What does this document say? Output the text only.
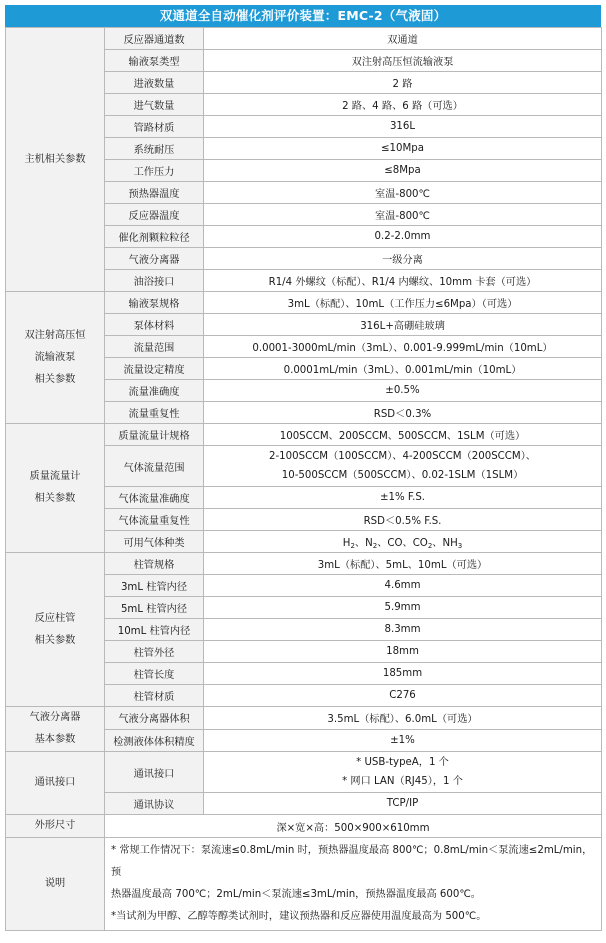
双通道全自动催化剂评价装置：EMC-2（气液固）
主机相关参数	反应器通道数	双通道
	输液泵类型	双注射高压恒流输液泵
	进液数量	2 路
	进气数量	2 路、4 路、6 路（可选）
	管路材质	316L
	系统耐压	≤10Mpa
	工作压力	≤8Mpa
	预热器温度	室温-800℃
	反应器温度	室温-800℃
	催化剂颗粒粒径	0.2-2.0mm
	气液分离器	一级分离
	油浴接口	R1/4 外螺纹（标配）、R1/4 内螺纹、10mm 卡套（可选）

双注射高压恒
流输液泵
相关参数	输液泵规格	3mL（标配）、10mL（工作压力≤6Mpa）（可选）
	泵体材料	316L+高硼硅玻璃
	流量范围	0.0001-3000mL/min（3mL）、0.001-9.999mL/min（10mL）
	流量设定精度	0.0001mL/min（3mL）、0.001mL/min（10mL）
	流量准确度	±0.5%
	流量重复性	RSD＜0.3%

质量流量计
相关参数	质量流量计规格	100SCCM、200SCCM、500SCCM、1SLM（可选）
	气体流量范围	2-100SCCM（100SCCM）、4-200SCCM（200SCCM）、
10-500SCCM（500SCCM）、0.02-1SLM（1SLM）

	气体流量准确度	±1% F.S.
	气体流量重复性	RSD＜0.5% F.S.
	可用气体种类	$H_2$、$N_2$、CO、$CO_2$、$NH_3$

反应柱管
相关参数	柱管规格	3mL（标配）、5mL、10mL（可选）
	3mL 柱管内径	4.6mm
	5mL 柱管内径	5.9mm
	10mL 柱管内径	8.3mm
	柱管外径	18mm
	柱管长度	185mm
	柱管材质	C276

气液分离器
基本参数	气液分离器体积	3.5mL（标配）、6.0mL（可选）
	检测液体体积精度	±1%

通讯接口	通讯接口	* USB-typeA，1 个
* 网口 LAN（RJ45），1 个

	通讯协议	TCP/IP
外形尺寸	深×宽×高：500×900×610mm	
说明	* 常规工作情况下：泵流速≤0.8mL/min 时，预热器温度最高 800℃；0.8mL/min＜泵流速≤2mL/min，预
热器温度最高 700℃；2mL/min＜泵流速≤3mL/min，预热器温度最高 600℃。
*当试剂为甲醇、乙醇等醇类试剂时，建议预热器和反应器使用温度最高为 500℃。	
